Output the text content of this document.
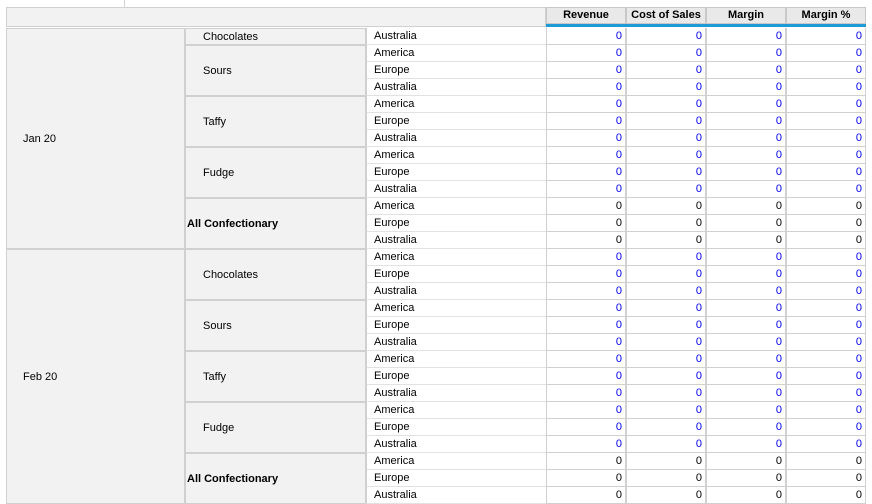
Revenue	Cost of Sales	Margin	Margin %
Jan 20
Chocolates	Australia	0	0	0	0
Sours
America	0	0	0	0
Europe	0	0	0	0
Australia	0	0	0	0
Taffy
America	0	0	0	0
Europe	0	0	0	0
Australia	0	0	0	0
Fudge
America	0	0	0	0
Europe	0	0	0	0
Australia	0	0	0	0
All Confectionary
America	0	0	0	0
Europe	0	0	0	0
Australia	0	0	0	0
Feb 20
Chocolates
America	0	0	0	0
Europe	0	0	0	0
Australia	0	0	0	0
Sours
America	0	0	0	0
Europe	0	0	0	0
Australia	0	0	0	0
Taffy
America	0	0	0	0
Europe	0	0	0	0
Australia	0	0	0	0
Fudge
America	0	0	0	0
Europe	0	0	0	0
Australia	0	0	0	0
All Confectionary
America	0	0	0	0
Europe	0	0	0	0
Australia	0	0	0	0
